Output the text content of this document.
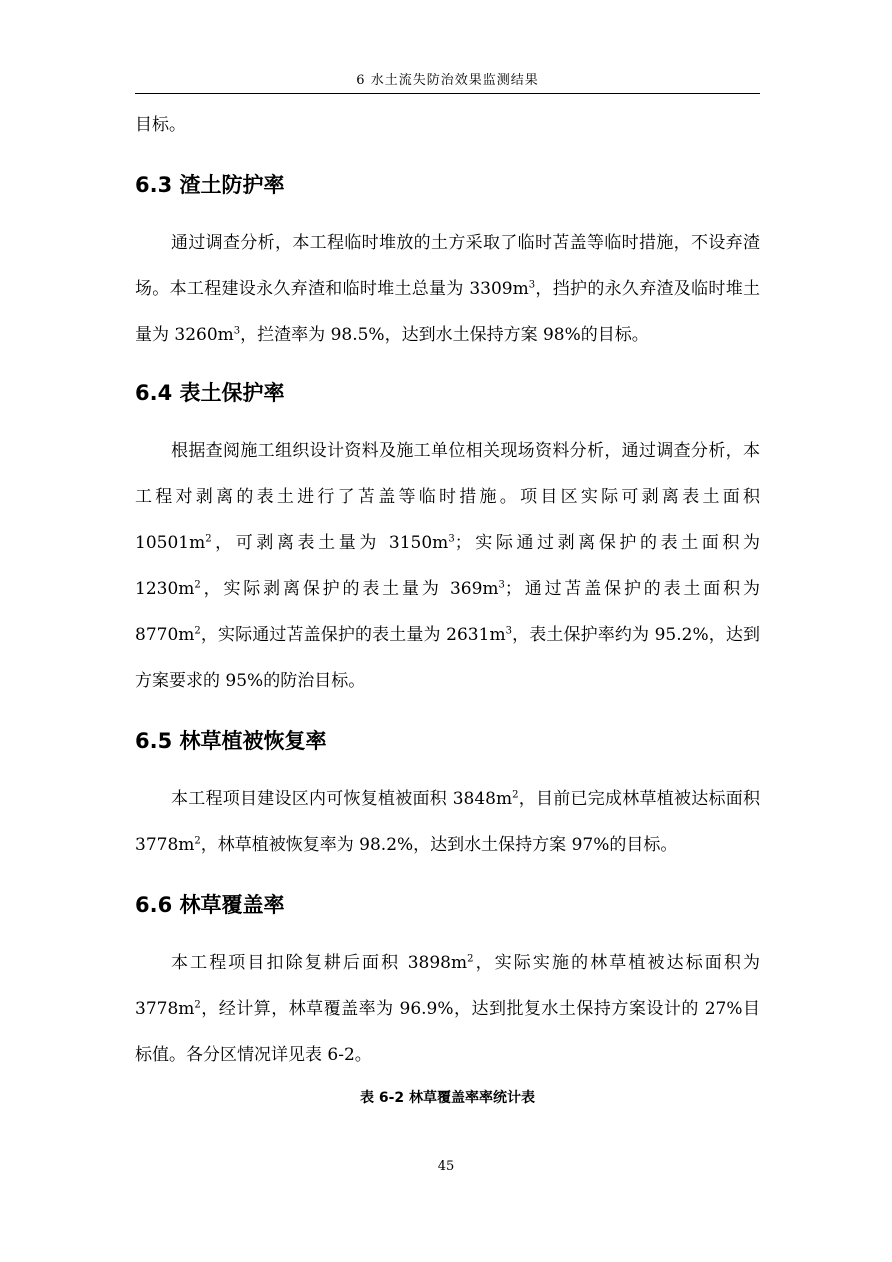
6 水土流失防治效果监测结果

目标。

6.3 渣土防护率

通过调查分析，本工程临时堆放的土方采取了临时苫盖等临时措施，不设弃渣场。本工程建设永久弃渣和临时堆土总量为 $3309m^3$，挡护的永久弃渣及临时堆土量为 $3260m^3$，拦渣率为 98.5%，达到水土保持方案 98%的目标。

6.4 表土保护率

根据查阅施工组织设计资料及施工单位相关现场资料分析，通过调查分析，本工程对剥离的表土进行了苫盖等临时措施。项目区实际可剥离表土面积 $10501m^2$，可剥离表土量为 $3150m^3$；实际通过剥离保护的表土面积为 $1230m^2$，实际剥离保护的表土量为 $369m^3$；通过苫盖保护的表土面积为 $8770m^2$，实际通过苫盖保护的表土量为 $2631m^3$，表土保护率约为 95.2%，达到方案要求的 95%的防治目标。

6.5 林草植被恢复率

本工程项目建设区内可恢复植被面积 $3848m^2$，目前已完成林草植被达标面积 $3778m^2$，林草植被恢复率为 98.2%，达到水土保持方案 97%的目标。

6.6 林草覆盖率

本工程项目扣除复耕后面积 $3898m^2$，实际实施的林草植被达标面积为 $3778m^2$，经计算，林草覆盖率为 96.9%，达到批复水土保持方案设计的 27%目标值。各分区情况详见表 6-2。

表 6-2 林草覆盖率率统计表

45
